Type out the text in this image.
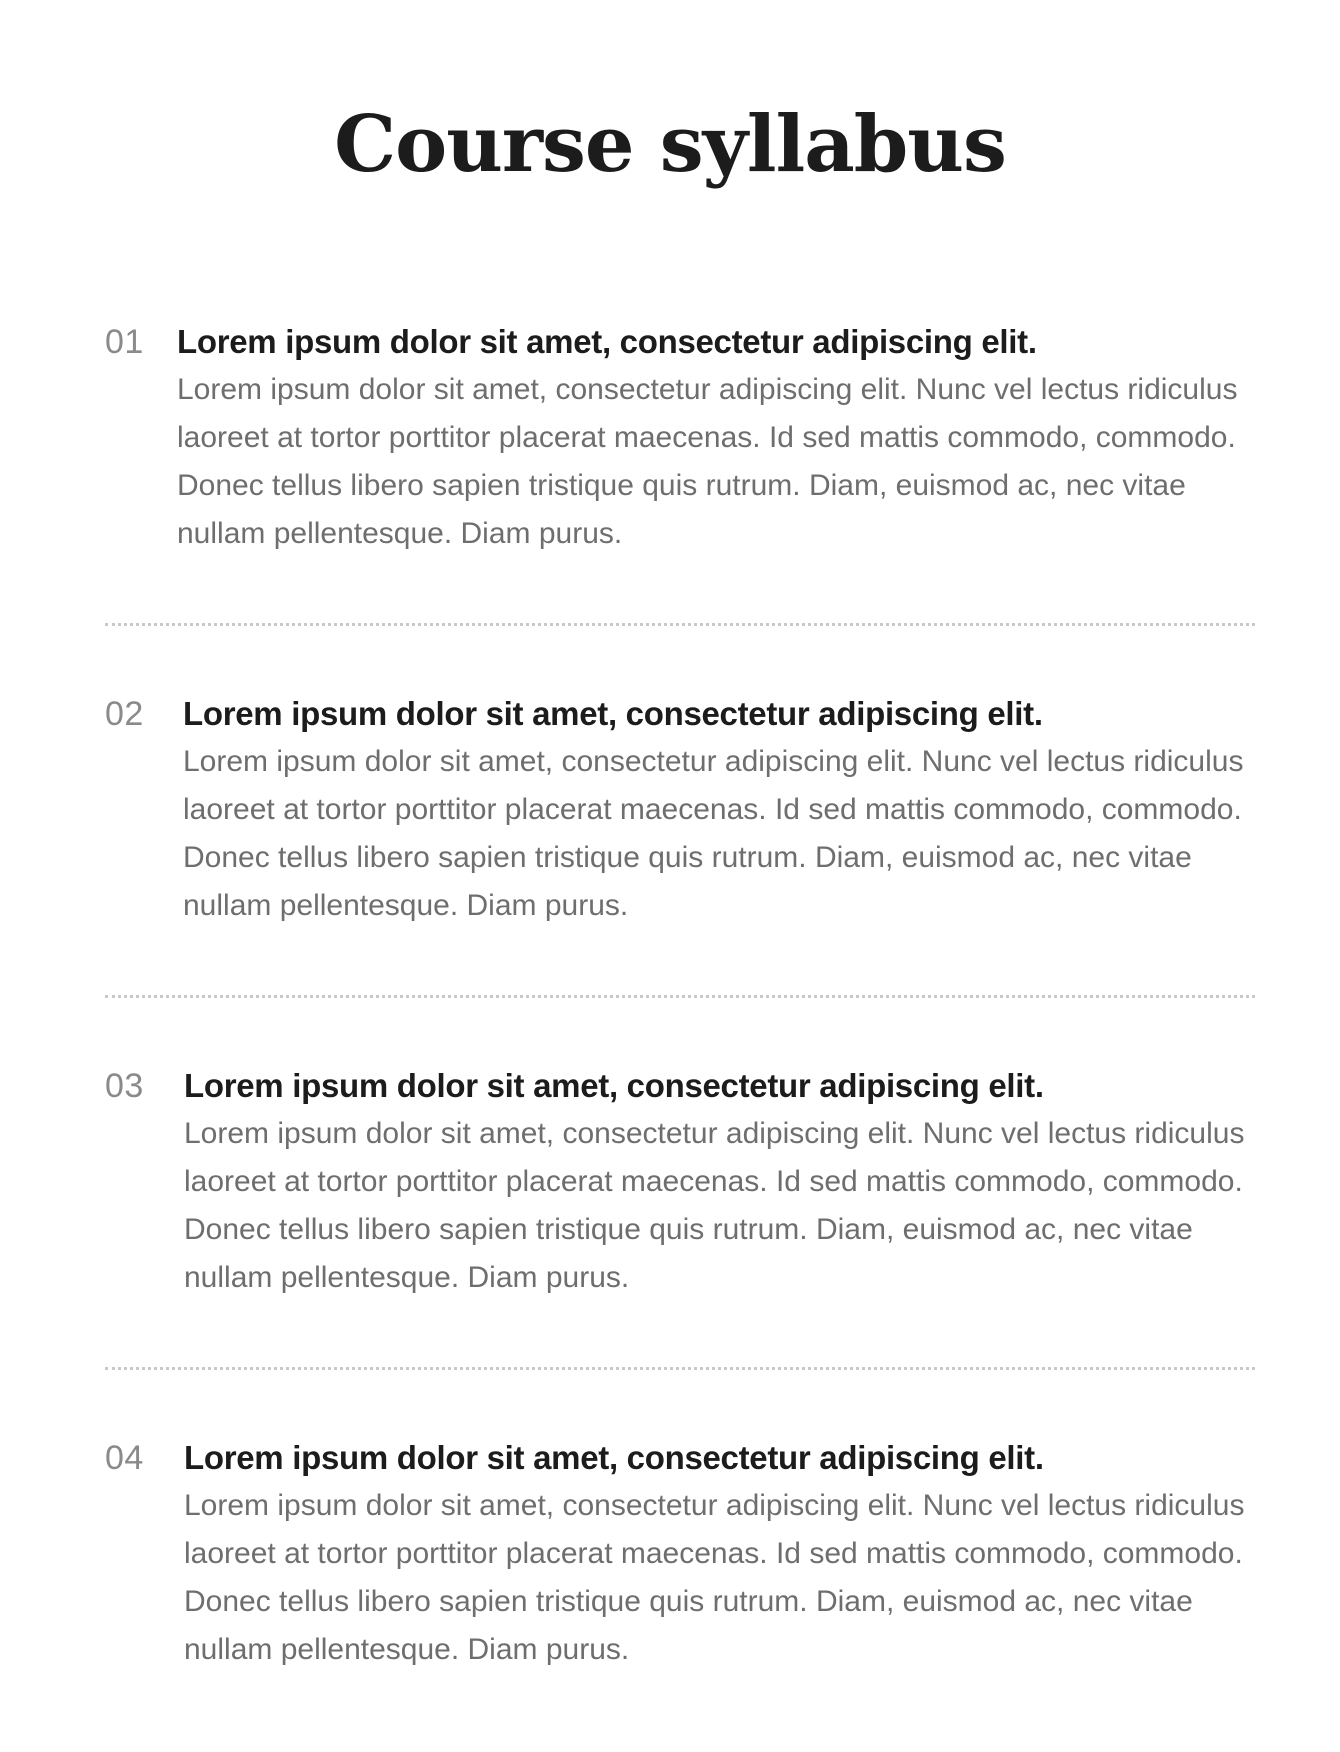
Course syllabus
01 Lorem ipsum dolor sit amet, consectetur adipiscing elit.
Lorem ipsum dolor sit amet, consectetur adipiscing elit. Nunc vel lectus ridiculus laoreet at tortor porttitor placerat maecenas. Id sed mattis commodo, commodo. Donec tellus libero sapien tristique quis rutrum. Diam, euismod ac, nec vitae nullam pellentesque. Diam purus.
02 Lorem ipsum dolor sit amet, consectetur adipiscing elit.
Lorem ipsum dolor sit amet, consectetur adipiscing elit. Nunc vel lectus ridiculus laoreet at tortor porttitor placerat maecenas. Id sed mattis commodo, commodo. Donec tellus libero sapien tristique quis rutrum. Diam, euismod ac, nec vitae nullam pellentesque. Diam purus.
03 Lorem ipsum dolor sit amet, consectetur adipiscing elit.
Lorem ipsum dolor sit amet, consectetur adipiscing elit. Nunc vel lectus ridiculus laoreet at tortor porttitor placerat maecenas. Id sed mattis commodo, commodo. Donec tellus libero sapien tristique quis rutrum. Diam, euismod ac, nec vitae nullam pellentesque. Diam purus.
04 Lorem ipsum dolor sit amet, consectetur adipiscing elit.
Lorem ipsum dolor sit amet, consectetur adipiscing elit. Nunc vel lectus ridiculus laoreet at tortor porttitor placerat maecenas. Id sed mattis commodo, commodo. Donec tellus libero sapien tristique quis rutrum. Diam, euismod ac, nec vitae nullam pellentesque. Diam purus.
